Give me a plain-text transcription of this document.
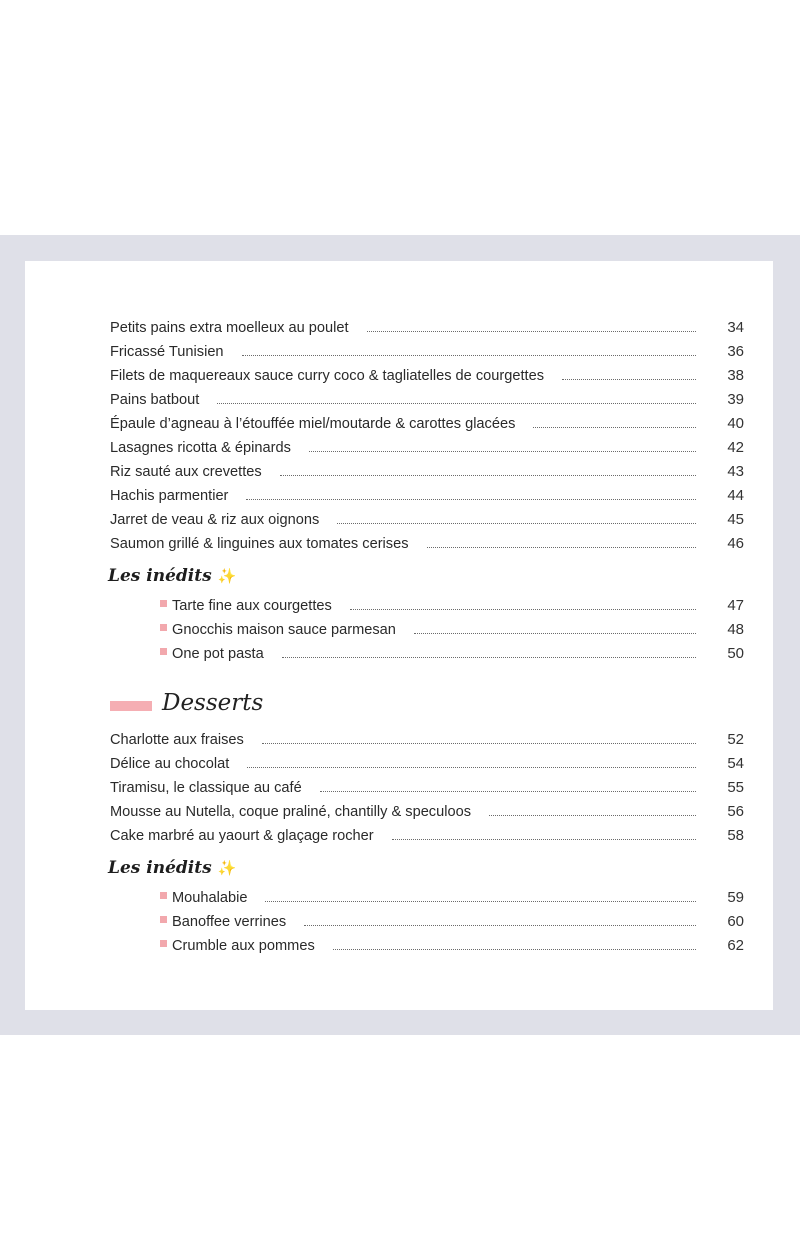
Petits pains extra moelleux au poulet	34
Fricassé Tunisien	36
Filets de maquereaux sauce curry coco & tagliatelles de courgettes	38
Pains batbout	39
Épaule d’agneau à l’étouffée miel/moutarde & carottes glacées	40
Lasagnes ricotta & épinards	42
Riz sauté aux crevettes	43
Hachis parmentier	44
Jarret de veau & riz aux oignons	45
Saumon grillé & linguines aux tomates cerises	46
Les inédits ✨
Tarte fine aux courgettes	47
Gnocchis maison sauce parmesan	48
One pot pasta	50
Desserts
Charlotte aux fraises	52
Délice au chocolat	54
Tiramisu, le classique au café	55
Mousse au Nutella, coque praliné, chantilly & speculoos	56
Cake marbré au yaourt & glaçage rocher	58
Les inédits ✨
Mouhalabie	59
Banoffee verrines	60
Crumble aux pommes	62
